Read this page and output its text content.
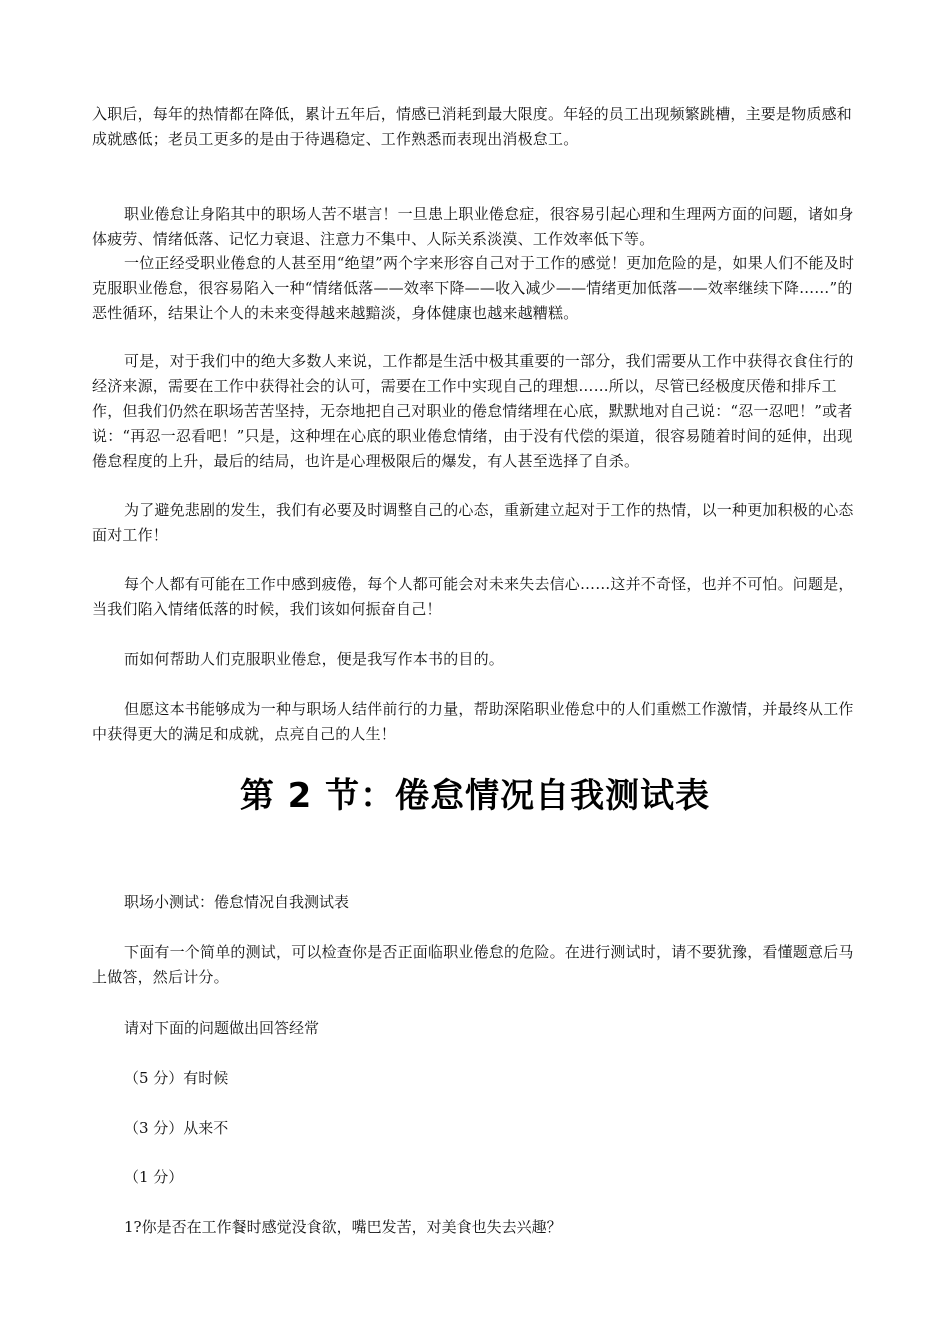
入职后，每年的热情都在降低，累计五年后，情感已消耗到最大限度。年轻的员工出现频繁跳槽，主要是物质感和成就感低；老员工更多的是由于待遇稳定、工作熟悉而表现出消极怠工。

职业倦怠让身陷其中的职场人苦不堪言！一旦患上职业倦怠症，很容易引起心理和生理两方面的问题，诸如身体疲劳、情绪低落、记忆力衰退、注意力不集中、人际关系淡漠、工作效率低下等。

一位正经受职业倦怠的人甚至用“绝望”两个字来形容自己对于工作的感觉！更加危险的是，如果人们不能及时克服职业倦怠，很容易陷入一种“情绪低落——效率下降——收入减少——情绪更加低落——效率继续下降……”的恶性循环，结果让个人的未来变得越来越黯淡，身体健康也越来越糟糕。

可是，对于我们中的绝大多数人来说，工作都是生活中极其重要的一部分，我们需要从工作中获得衣食住行的经济来源，需要在工作中获得社会的认可，需要在工作中实现自己的理想……所以，尽管已经极度厌倦和排斥工作，但我们仍然在职场苦苦坚持，无奈地把自己对职业的倦怠情绪埋在心底，默默地对自己说：“忍一忍吧！”或者说：“再忍一忍看吧！”只是，这种埋在心底的职业倦怠情绪，由于没有代偿的渠道，很容易随着时间的延伸，出现倦怠程度的上升，最后的结局，也许是心理极限后的爆发，有人甚至选择了自杀。

为了避免悲剧的发生，我们有必要及时调整自己的心态，重新建立起对于工作的热情，以一种更加积极的心态面对工作！

每个人都有可能在工作中感到疲倦，每个人都可能会对未来失去信心……这并不奇怪，也并不可怕。问题是，当我们陷入情绪低落的时候，我们该如何振奋自己！

而如何帮助人们克服职业倦怠，便是我写作本书的目的。

但愿这本书能够成为一种与职场人结伴前行的力量，帮助深陷职业倦怠中的人们重燃工作激情，并最终从工作中获得更大的满足和成就，点亮自己的人生！

第 2 节：倦怠情况自我测试表

职场小测试：倦怠情况自我测试表

下面有一个简单的测试，可以检查你是否正面临职业倦怠的危险。在进行测试时，请不要犹豫，看懂题意后马上做答，然后计分。

请对下面的问题做出回答经常

（5 分）有时候

（3 分）从来不

（1 分）

1?你是否在工作餐时感觉没食欲，嘴巴发苦，对美食也失去兴趣？
